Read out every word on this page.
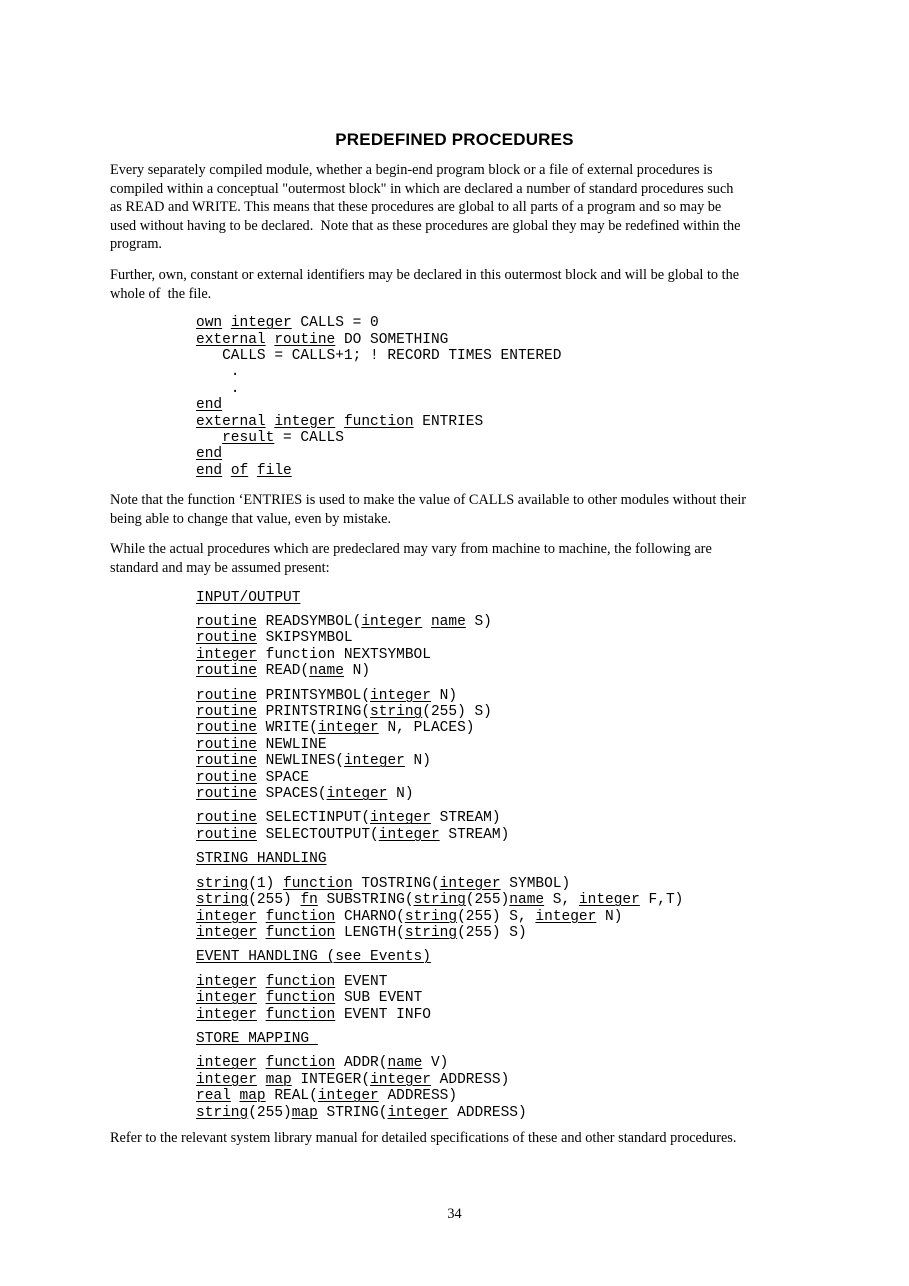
PREDEFINED PROCEDURES
Every separately compiled module, whether a begin-end program block or a file of external procedures is
compiled within a conceptual "outermost block" in which are declared a number of standard procedures such
as READ and WRITE. This means that these procedures are global to all parts of a program and so may be
used without having to be declared.  Note that as these procedures are global they may be redefined within the
program.
Further, own, constant or external identifiers may be declared in this outermost block and will be global to the
whole of  the file.
own integer CALLS = 0
external routine DO SOMETHING
CALLS = CALLS+1; ! RECORD TIMES ENTERED
.
.
end
external integer function ENTRIES
result = CALLS
end
end of file
Note that the function ‘ENTRIES is used to make the value of CALLS available to other modules without their
being able to change that value, even by mistake.
While the actual procedures which are predeclared may vary from machine to machine, the following are
standard and may be assumed present:
INPUT/OUTPUT
routine READSYMBOL(integer name S)
routine SKIPSYMBOL
integer function NEXTSYMBOL
routine READ(name N)
routine PRINTSYMBOL(integer N)
routine PRINTSTRING(string(255) S)
routine WRITE(integer N, PLACES)
routine NEWLINE
routine NEWLINES(integer N)
routine SPACE
routine SPACES(integer N)
routine SELECTINPUT(integer STREAM)
routine SELECTOUTPUT(integer STREAM)
STRING HANDLING
string(1) function TOSTRING(integer SYMBOL)
string(255) fn SUBSTRING(string(255)name S, integer F,T)
integer function CHARNO(string(255) S, integer N)
integer function LENGTH(string(255) S)
EVENT HANDLING (see Events)
integer function EVENT
integer function SUB EVENT
integer function EVENT INFO
STORE MAPPING
integer function ADDR(name V)
integer map INTEGER(integer ADDRESS)
real map REAL(integer ADDRESS)
string(255)map STRING(integer ADDRESS)
Refer to the relevant system library manual for detailed specifications of these and other standard procedures.
34
